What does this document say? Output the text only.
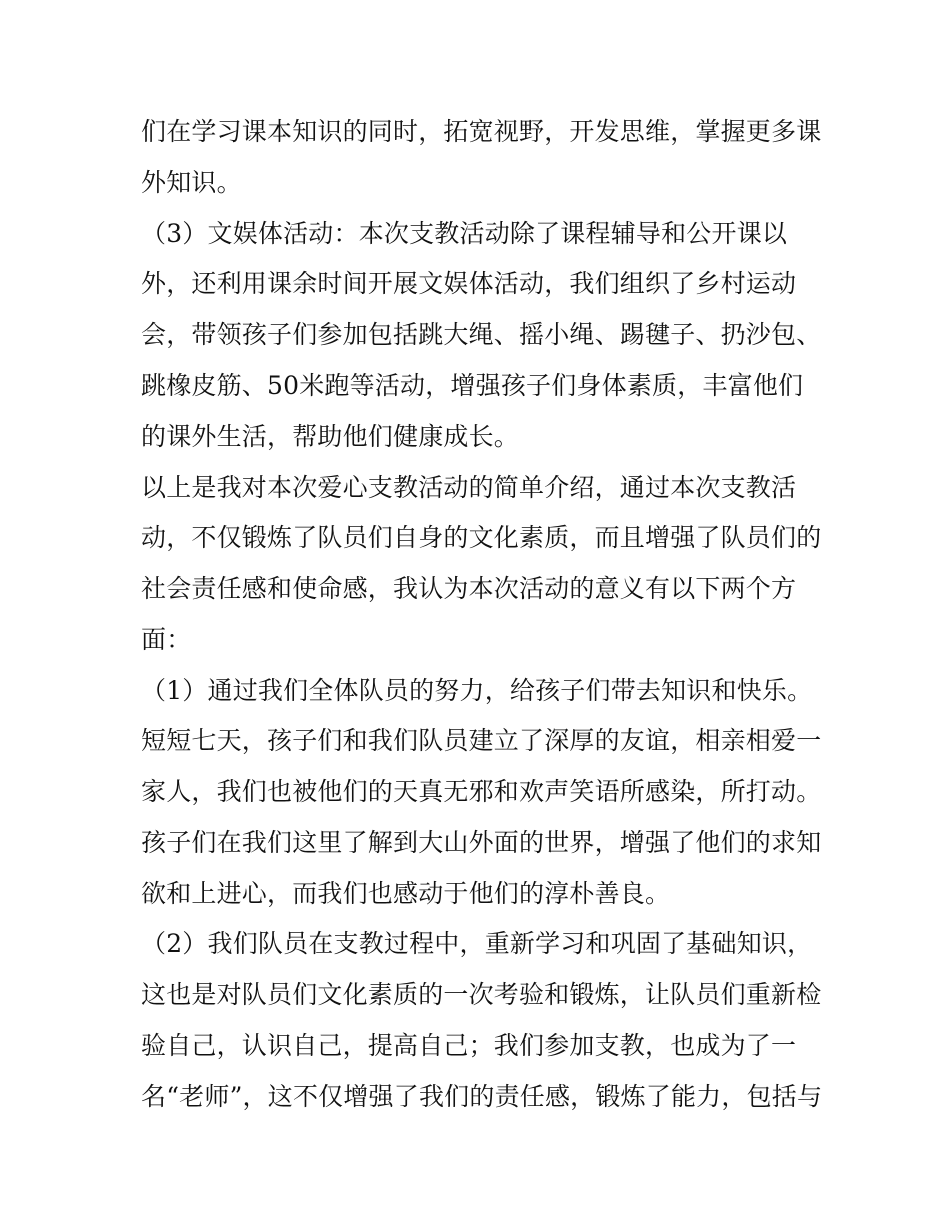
们在学习课本知识的同时，拓宽视野，开发思维，掌握更多课
外知识。
（3）文娱体活动：本次支教活动除了课程辅导和公开课以
外，还利用课余时间开展文娱体活动，我们组织了乡村运动
会，带领孩子们参加包括跳大绳、摇小绳、踢毽子、扔沙包、
跳橡皮筋、50米跑等活动，增强孩子们身体素质，丰富他们
的课外生活，帮助他们健康成长。
以上是我对本次爱心支教活动的简单介绍，通过本次支教活
动，不仅锻炼了队员们自身的文化素质，而且增强了队员们的
社会责任感和使命感，我认为本次活动的意义有以下两个方
面：
（1）通过我们全体队员的努力，给孩子们带去知识和快乐。
短短七天，孩子们和我们队员建立了深厚的友谊，相亲相爱一
家人，我们也被他们的天真无邪和欢声笑语所感染，所打动。
孩子们在我们这里了解到大山外面的世界，增强了他们的求知
欲和上进心，而我们也感动于他们的淳朴善良。
（2）我们队员在支教过程中，重新学习和巩固了基础知识，
这也是对队员们文化素质的一次考验和锻炼，让队员们重新检
验自己，认识自己，提高自己；我们参加支教，也成为了一
名“老师”，这不仅增强了我们的责任感，锻炼了能力，包括与
